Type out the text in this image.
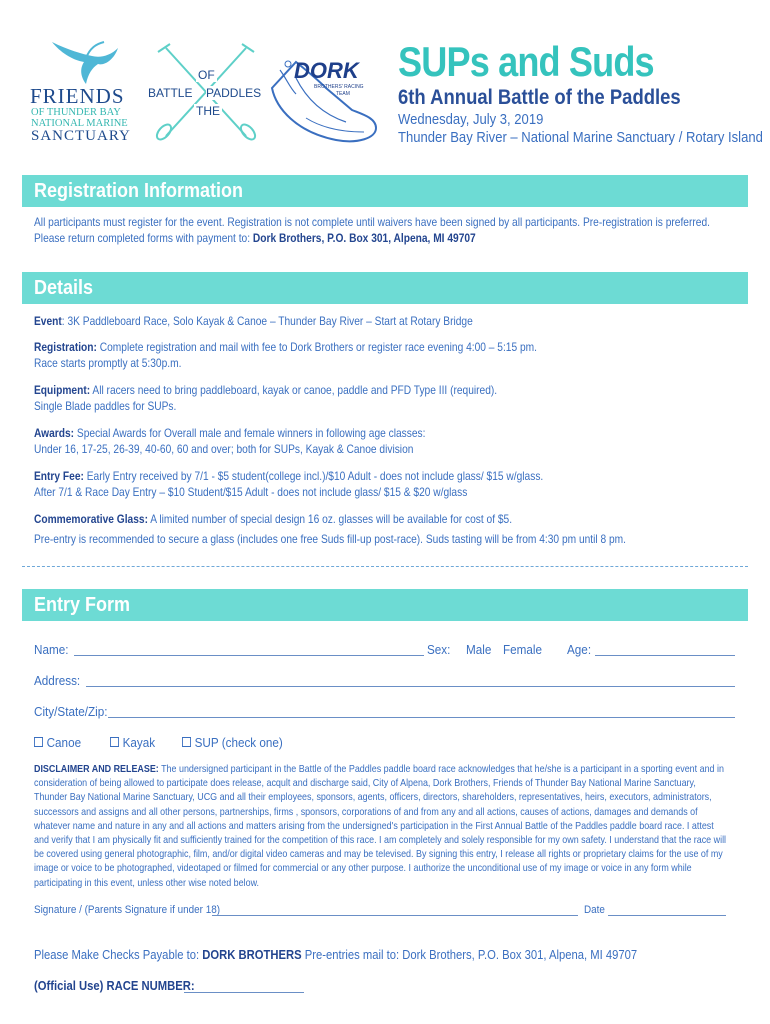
FRIENDS
OF THUNDER BAY
NATIONAL MARINE
SANCTUARY
OF
BATTLE PADDLES
THE
DORK
BROTHERS' RACING
TEAM
SUPs and Suds
6th Annual Battle of the Paddles
Wednesday, July 3, 2019
Thunder Bay River – National Marine Sanctuary / Rotary Island
Registration Information
All participants must register for the event. Registration is not complete until waivers have been signed by all participants. Pre-registration is preferred.
Please return completed forms with payment to: Dork Brothers, P.O. Box 301, Alpena, MI 49707
Details
Event: 3K Paddleboard Race, Solo Kayak & Canoe – Thunder Bay River – Start at Rotary Bridge
Registration: Complete registration and mail with fee to Dork Brothers or register race evening 4:00 – 5:15 pm.
Race starts promptly at 5:30p.m.
Equipment: All racers need to bring paddleboard, kayak or canoe, paddle and PFD Type III (required).
Single Blade paddles for SUPs.
Awards: Special Awards for Overall male and female winners in following age classes:
Under 16, 17-25, 26-39, 40-60, 60 and over; both for SUPs, Kayak & Canoe division
Entry Fee: Early Entry received by 7/1 - $5 student(college incl.)/$10 Adult - does not include glass/ $15 w/glass.
After 7/1 & Race Day Entry – $10 Student/$15 Adult - does not include glass/ $15 & $20 w/glass
Commemorative Glass: A limited number of special design 16 oz. glasses will be available for cost of $5.
Pre-entry is recommended to secure a glass (includes one free Suds fill-up post-race). Suds tasting will be from 4:30 pm until 8 pm.
Entry Form
Name:	Sex: Male Female Age:
Address:
City/State/Zip:
Canoe	Kayak	SUP (check one)
DISCLAIMER AND RELEASE: The undersigned participant in the Battle of the Paddles paddle board race acknowledges that he/she is a participant in a sporting event and in consideration of being allowed to participate does release, acqult and discharge said, City of Alpena, Dork Brothers, Friends of Thunder Bay National Marine Sanctuary, Thunder Bay National Marine Sanctuary, UCG and all their employees, sponsors, agents, officers, directors, shareholders, representatives, heirs, executors, administrators, successors and assigns and all other persons, partnerships, firms , sponsors, corporations of and from any and all actions, causes of actions, damages and demands of whatever name and nature in any and all actions and matters arising from the undersigned's participation in the First Annual Battle of the Paddles paddle board race. I attest and verify that I am physically fit and sufficiently trained for the competition of this race. I am completely and solely responsible for my own safety. I understand that the race will be covered using general photographic, film, and/or digital video cameras and may be televised. By signing this entry, I release all rights or proprietary claims for the use of my image or voice to be photographed, videotaped or filmed for commercial or any other purpose. I authorize the unconditional use of my image or voice in any form while participating in this event, unless other wise noted below.
Signature / (Parents Signature if under 18)	Date
Please Make Checks Payable to: DORK BROTHERS Pre-entries mail to: Dork Brothers, P.O. Box 301, Alpena, MI 49707
(Official Use) RACE NUMBER:
